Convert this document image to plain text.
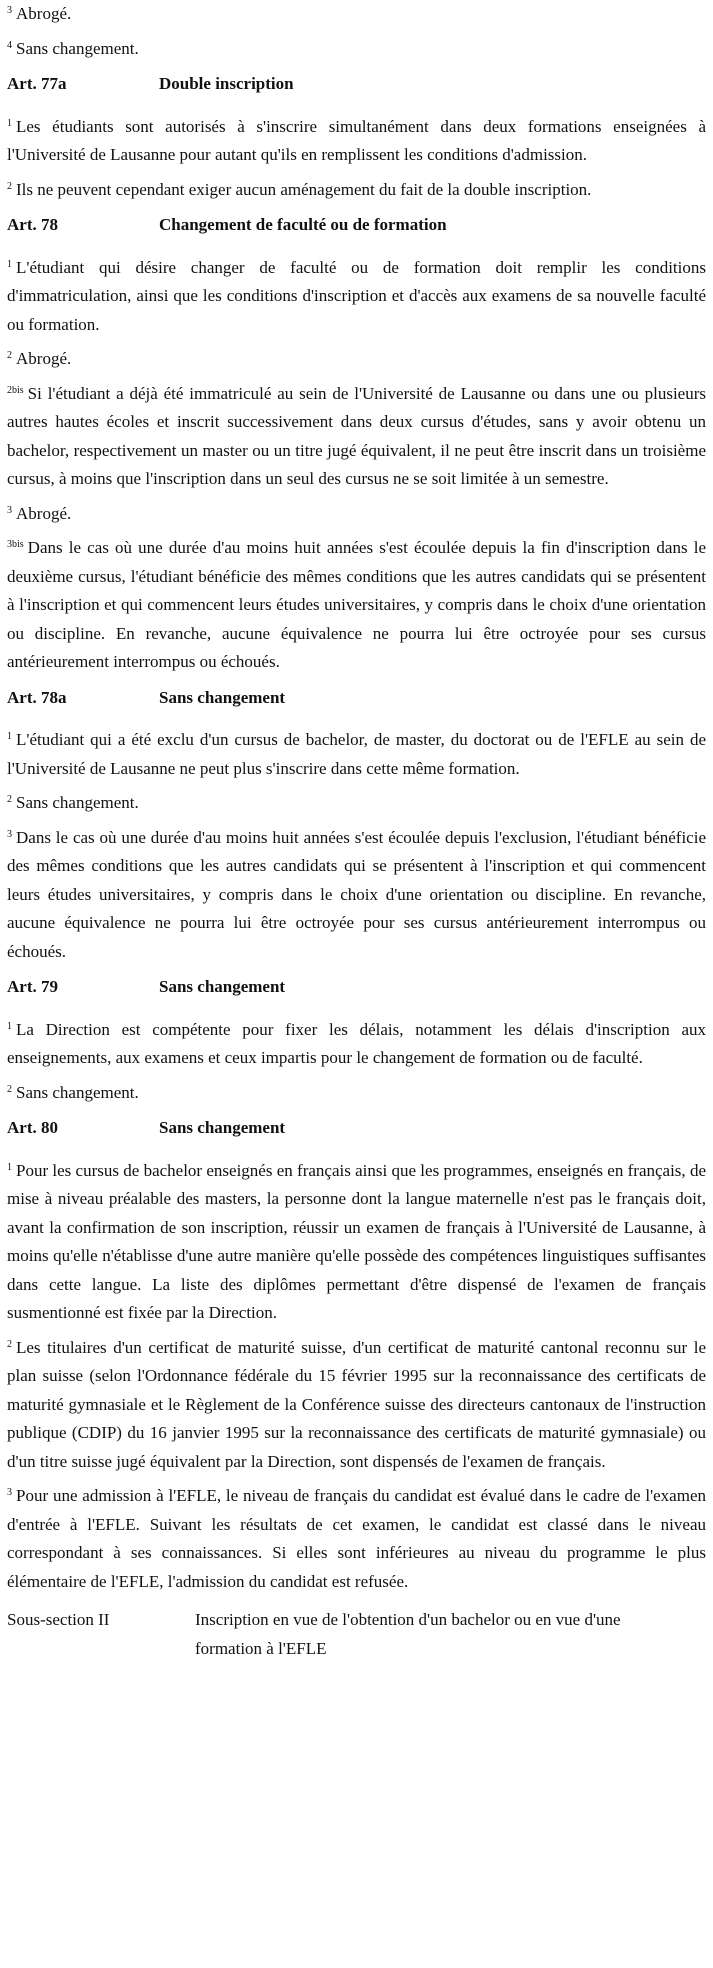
$^3$ Abrogé.

$^4$ Sans changement.

Art. 77a	Double inscription

$^1$ Les étudiants sont autorisés à s'inscrire simultanément dans deux formations enseignées à l'Université de Lausanne pour autant qu'ils en remplissent les conditions d'admission.

$^2$ Ils ne peuvent cependant exiger aucun aménagement du fait de la double inscription.

Art. 78	Changement de faculté ou de formation

$^1$ L'étudiant qui désire changer de faculté ou de formation doit remplir les conditions d'immatriculation, ainsi que les conditions d'inscription et d'accès aux examens de sa nouvelle faculté ou formation.

$^2$ Abrogé.

$^{2bis}$ Si l'étudiant a déjà été immatriculé au sein de l'Université de Lausanne ou dans une ou plusieurs autres hautes écoles et inscrit successivement dans deux cursus d'études, sans y avoir obtenu un bachelor, respectivement un master ou un titre jugé équivalent, il ne peut être inscrit dans un troisième cursus, à moins que l'inscription dans un seul des cursus ne se soit limitée à un semestre.

$^3$ Abrogé.

$^{3bis}$ Dans le cas où une durée d'au moins huit années s'est écoulée depuis la fin d'inscription dans le deuxième cursus, l'étudiant bénéficie des mêmes conditions que les autres candidats qui se présentent à l'inscription et qui commencent leurs études universitaires, y compris dans le choix d'une orientation ou discipline. En revanche, aucune équivalence ne pourra lui être octroyée pour ses cursus antérieurement interrompus ou échoués.

Art. 78a	Sans changement

$^1$ L'étudiant qui a été exclu d'un cursus de bachelor, de master, du doctorat ou de l'EFLE au sein de l'Université de Lausanne ne peut plus s'inscrire dans cette même formation.

$^2$ Sans changement.

$^3$ Dans le cas où une durée d'au moins huit années s'est écoulée depuis l'exclusion, l'étudiant bénéficie des mêmes conditions que les autres candidats qui se présentent à l'inscription et qui commencent leurs études universitaires, y compris dans le choix d'une orientation ou discipline. En revanche, aucune équivalence ne pourra lui être octroyée pour ses cursus antérieurement interrompus ou échoués.

Art. 79	Sans changement

$^1$ La Direction est compétente pour fixer les délais, notamment les délais d'inscription aux enseignements, aux examens et ceux impartis pour le changement de formation ou de faculté.

$^2$ Sans changement.

Art. 80	Sans changement

$^1$ Pour les cursus de bachelor enseignés en français ainsi que les programmes, enseignés en français, de mise à niveau préalable des masters, la personne dont la langue maternelle n'est pas le français doit, avant la confirmation de son inscription, réussir un examen de français à l'Université de Lausanne, à moins qu'elle n'établisse d'une autre manière qu'elle possède des compétences linguistiques suffisantes dans cette langue. La liste des diplômes permettant d'être dispensé de l'examen de français susmentionné est fixée par la Direction.

$^2$ Les titulaires d'un certificat de maturité suisse, d'un certificat de maturité cantonal reconnu sur le plan suisse (selon l'Ordonnance fédérale du 15 février 1995 sur la reconnaissance des certificats de maturité gymnasiale et le Règlement de la Conférence suisse des directeurs cantonaux de l'instruction publique (CDIP) du 16 janvier 1995 sur la reconnaissance des certificats de maturité gymnasiale) ou d'un titre suisse jugé équivalent par la Direction, sont dispensés de l'examen de français.

$^3$ Pour une admission à l'EFLE, le niveau de français du candidat est évalué dans le cadre de l'examen d'entrée à l'EFLE. Suivant les résultats de cet examen, le candidat est classé dans le niveau correspondant à ses connaissances. Si elles sont inférieures au niveau du programme le plus élémentaire de l'EFLE, l'admission du candidat est refusée.

Sous-section II	Inscription en vue de l'obtention d'un bachelor ou en vue d'une formation à l'EFLE
